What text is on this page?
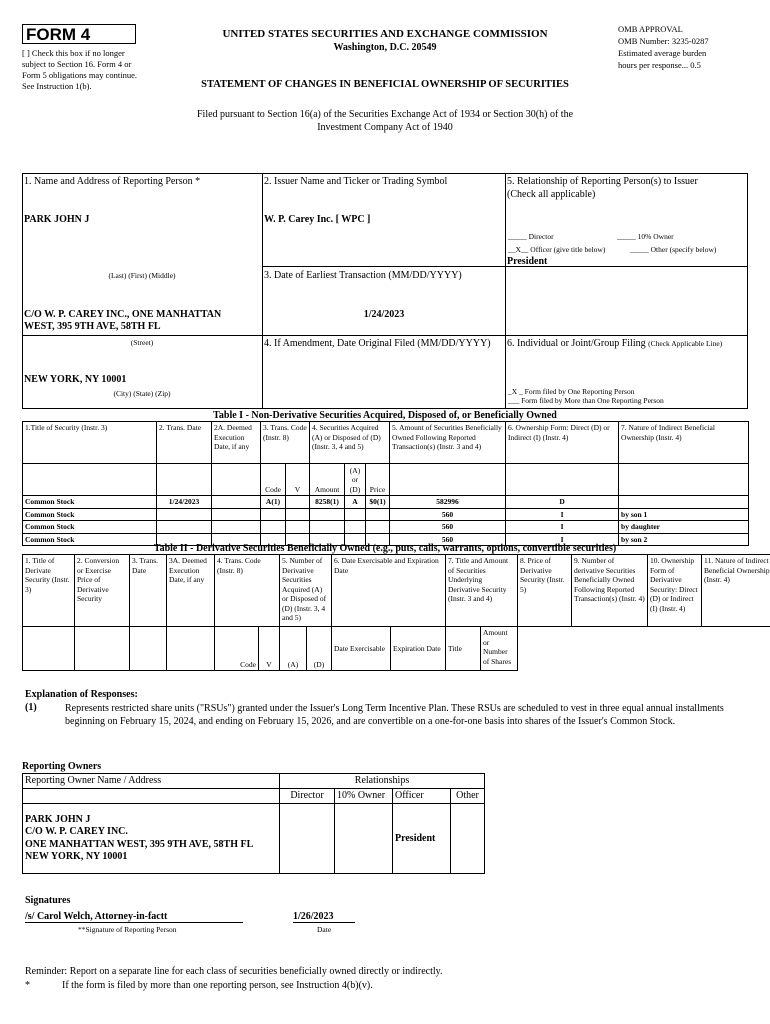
FORM 4
[ ] Check this box if no longer subject to Section 16. Form 4 or Form 5 obligations may continue. See Instruction 1(b).
UNITED STATES SECURITIES AND EXCHANGE COMMISSION
Washington, D.C. 20549
STATEMENT OF CHANGES IN BENEFICIAL OWNERSHIP OF SECURITIES
OMB APPROVAL
OMB Number: 3235-0287
Estimated average burden
hours per response... 0.5
Filed pursuant to Section 16(a) of the Securities Exchange Act of 1934 or Section 30(h) of the
Investment Company Act of 1940
1. Name and Address of Reporting Person *
PARK JOHN J
(Last) (First) (Middle)
C/O W. P. CAREY INC., ONE MANHATTAN WEST, 395 9TH AVE, 58TH FL
(Street)
NEW YORK, NY 10001
(City) (State) (Zip)
2. Issuer Name and Ticker or Trading Symbol
W. P. Carey Inc. [ WPC ]
3. Date of Earliest Transaction (MM/DD/YYYY)
1/24/2023
4. If Amendment, Date Original Filed (MM/DD/YYYY)
5. Relationship of Reporting Person(s) to Issuer
(Check all applicable)
_____ Director	_____ 10% Owner
__X__ Officer (give title below)	_____ Other (specify below)
President
6. Individual or Joint/Group Filing (Check Applicable Line)
_X _ Form filed by One Reporting Person
___ Form filed by More than One Reporting Person
Table I - Non-Derivative Securities Acquired, Disposed of, or Beneficially Owned
1.Title of Security (Instr. 3)	2. Trans. Date	2A. Deemed Execution Date, if any	3. Trans. Code (Instr. 8)		4. Securities Acquired (A) or Disposed of (D) (Instr. 3, 4 and 5)			5. Amount of Securities Beneficially Owned Following Reported Transaction(s) (Instr. 3 and 4)	6. Ownership Form: Direct (D) or Indirect (I) (Instr. 4)	7. Nature of Indirect Beneficial Ownership (Instr. 4)
			Code	V	Amount	(A) or (D)	Price			
Common Stock	1/24/2023		A(1)		8258(1)	A	$0(1)	582996	D	
Common Stock								560	I	by son 1
Common Stock								560	I	by daughter
Common Stock								560	I	by son 2
Table II - Derivative Securities Beneficially Owned (e.g., puts, calls, warrants, options, convertible securities)
1. Title of Derivate Security (Instr. 3)	2. Conversion or Exercise Price of Derivative Security	3. Trans. Date	3A. Deemed Execution Date, if any	4. Trans. Code (Instr. 8)		5. Number of Derivative Securities Acquired (A) or Disposed of (D) (Instr. 3, 4 and 5)		6. Date Exercisable and Expiration Date		7. Title and Amount of Securities Underlying Derivative Security (Instr. 3 and 4)		8. Price of Derivative Security (Instr. 5)	9. Number of derivative Securities Beneficially Owned Following Reported Transaction(s) (Instr. 4)	10. Ownership Form of Derivative Security: Direct (D) or Indirect (I) (Instr. 4)	11. Nature of Indirect Beneficial Ownership (Instr. 4)
				Code	V	(A)	(D)	Date Exercisable	Expiration Date	Title	Amount or Number of Shares				
Explanation of Responses:
(1)	Represents restricted share units ("RSUs") granted under the Issuer's Long Term Incentive Plan. These RSUs are scheduled to vest in three equal annual installments beginning on February 15, 2024, and ending on February 15, 2026, and are convertible on a one-for-one basis into shares of the Issuer's Common Stock.
Reporting Owners
Reporting Owner Name / Address	Relationships			
	Director	10% Owner	Officer	Other

PARK JOHN J
C/O W. P. CAREY INC.
ONE MANHATTAN WEST, 395 9TH AVE, 58TH FL
NEW YORK, NY 10001			President	
Signatures
/s/ Carol Welch, Attorney-in-factt
**Signature of Reporting Person
1/26/2023
Date
Reminder: Report on a separate line for each class of securities beneficially owned directly or indirectly.
*	If the form is filed by more than one reporting person, see Instruction 4(b)(v).
